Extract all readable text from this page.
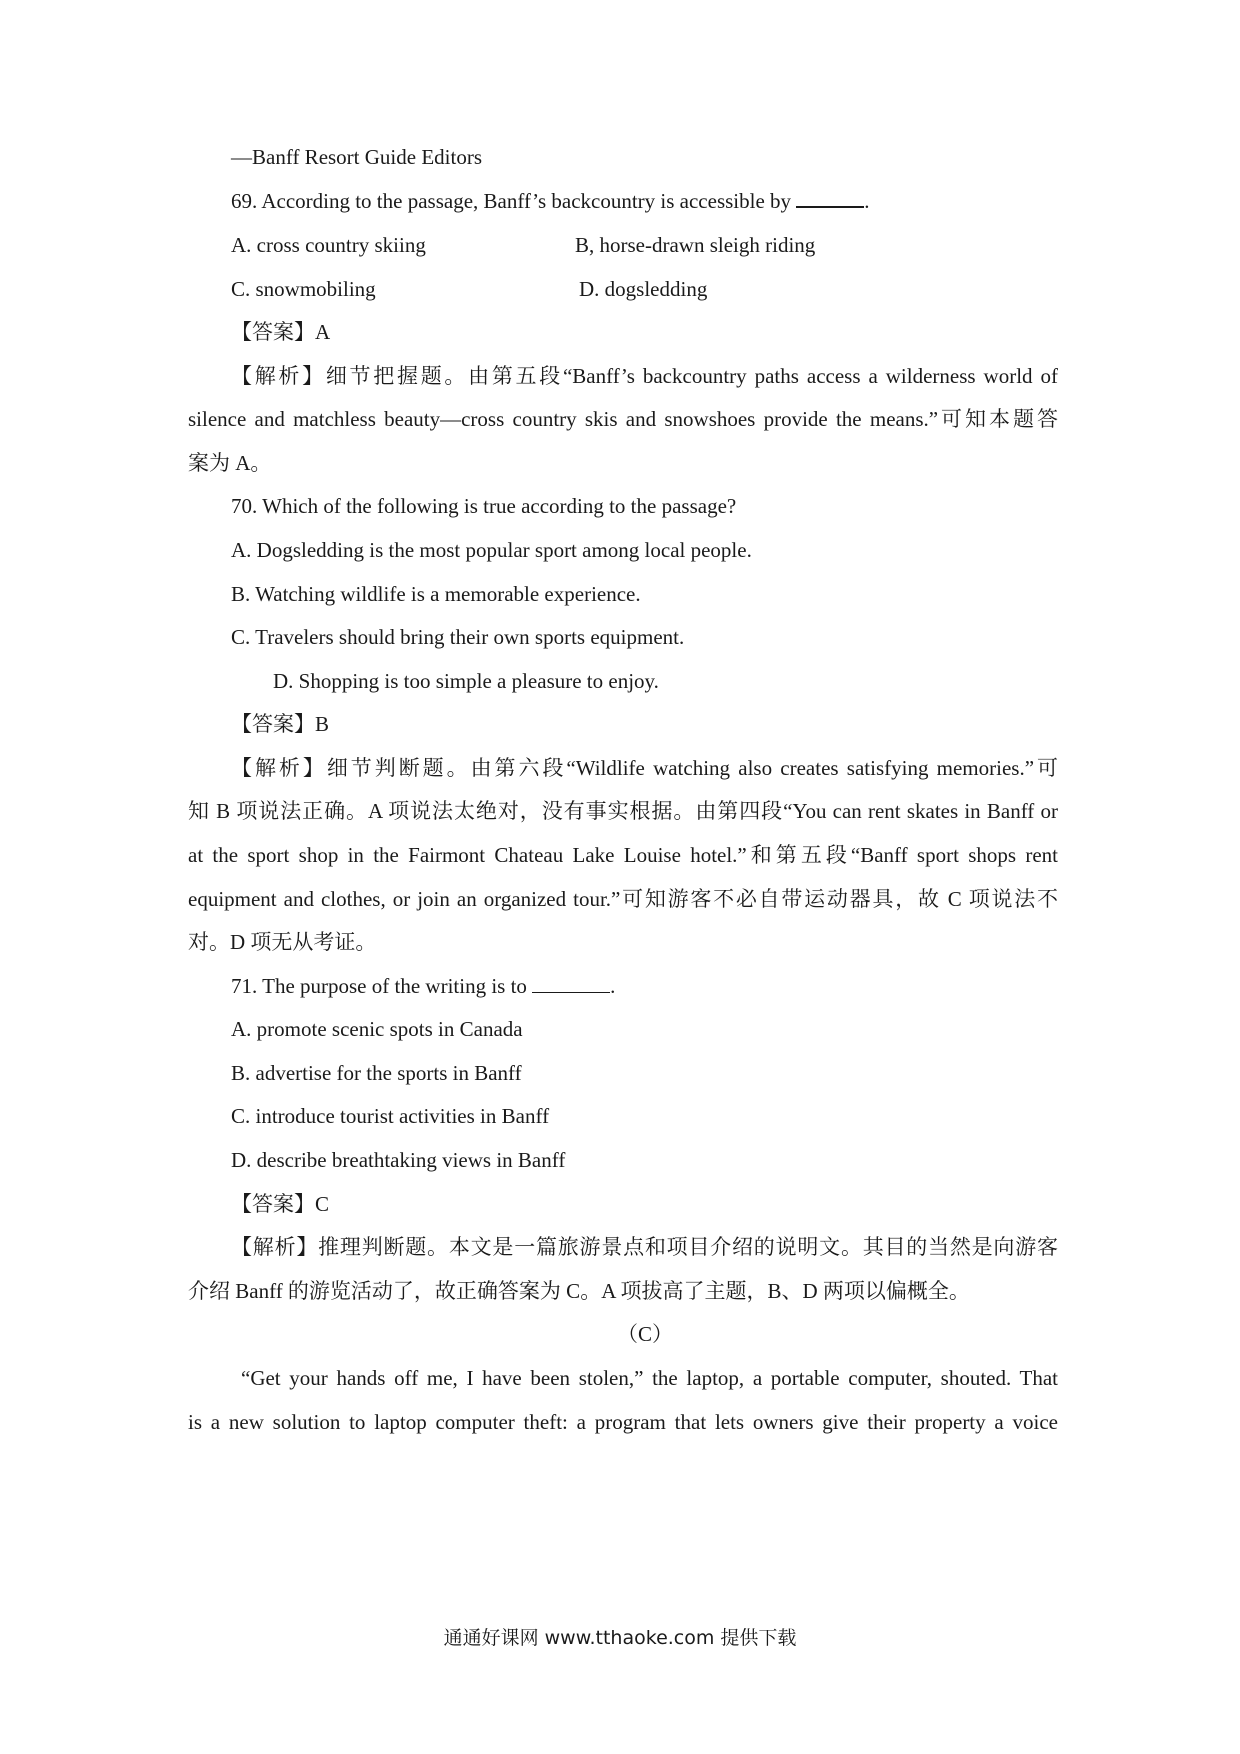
—Banff Resort Guide Editors
69. According to the passage, Banff’s backcountry is accessible by	.
A. cross country skiing	B, horse-drawn sleigh riding
C. snowmobiling	D. dogsledding
【答案】A
【解析】细节把握题。由第五段“Banff’s backcountry paths access a wilderness world of
silence and matchless beauty—cross country skis and snowshoes provide the means.”可知本题答
案为 A。
70. Which of the following is true according to the passage?
A. Dogsledding is the most popular sport among local people.
B. Watching wildlife is a memorable experience.
C. Travelers should bring their own sports equipment.
D. Shopping is too simple a pleasure to enjoy.
【答案】B
【解析】细节判断题。由第六段“Wildlife watching also creates satisfying memories.”可
知 B 项说法正确。A 项说法太绝对，没有事实根据。由第四段“You can rent skates in Banff or
at the sport shop in the Fairmont Chateau Lake Louise hotel.”和第五段“Banff sport shops rent
equipment and clothes, or join an organized tour.”可知游客不必自带运动器具，故 C 项说法不
对。D 项无从考证。
71. The purpose of the writing is to	.
A. promote scenic spots in Canada
B. advertise for the sports in Banff
C. introduce tourist activities in Banff
D. describe breathtaking views in Banff
【答案】C
【解析】推理判断题。本文是一篇旅游景点和项目介绍的说明文。其目的当然是向游客
介绍 Banff 的游览活动了，故正确答案为 C。A 项拔高了主题，B、D 两项以偏概全。
（C）
“Get your hands off me, I have been stolen,” the laptop, a portable computer, shouted. That
is a new solution to laptop computer theft: a program that lets owners give their property a voice
通通好课网 www.tthaoke.com 提供下载
